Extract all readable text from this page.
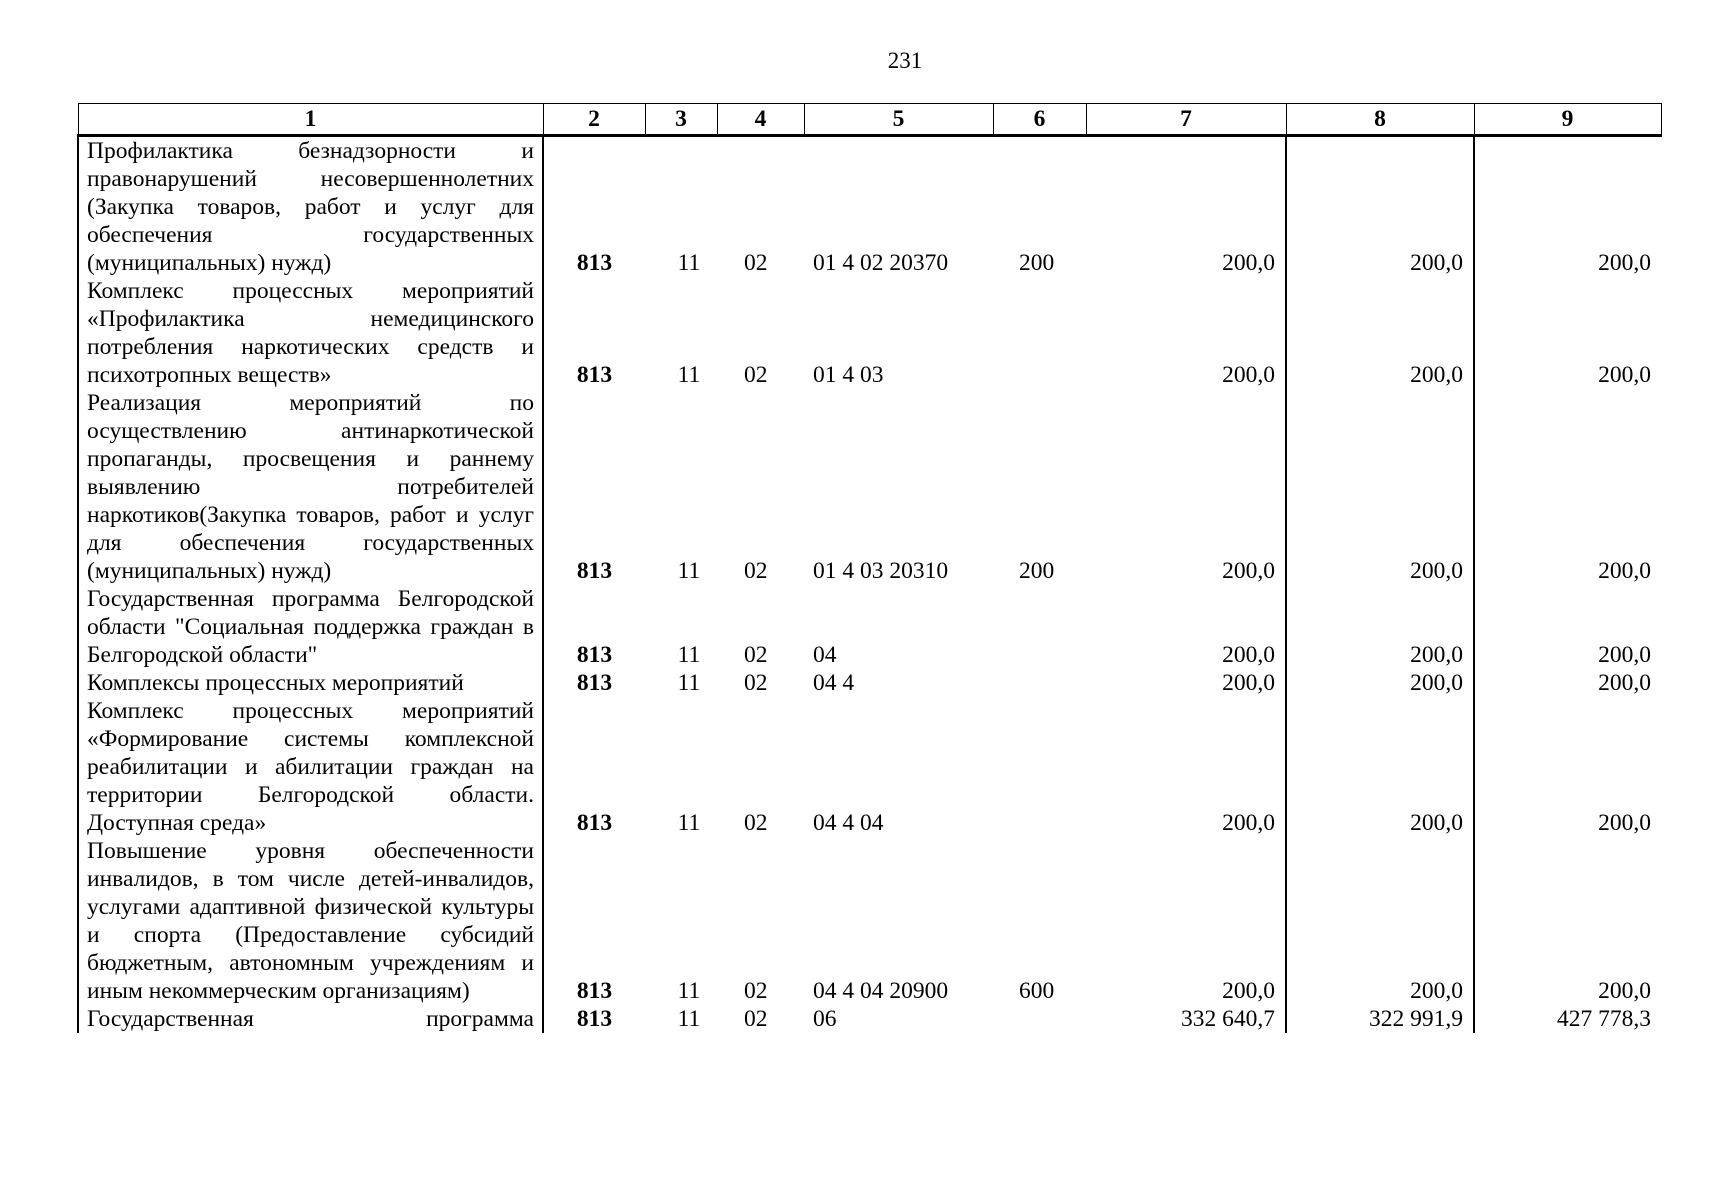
231
1	2	3	4	5	6	7	8	9
Профилактика безнадзорности и правонарушений несовершеннолетних (Закупка товаров, работ и услуг для обеспечения государственных (муниципальных) нужд)	813	11	02	01 4 02 20370	200	200,0	200,0	200,0
Комплекс процессных мероприятий «Профилактика немедицинского потребления наркотических средств и психотропных веществ»	813	11	02	01 4 03		200,0	200,0	200,0
Реализация мероприятий по осуществлению антинаркотической пропаганды, просвещения и раннему выявлению потребителей наркотиков(Закупка товаров, работ и услуг для обеспечения государственных (муниципальных) нужд)	813	11	02	01 4 03 20310	200	200,0	200,0	200,0
Государственная программа Белгородской области "Социальная поддержка граждан в Белгородской области"	813	11	02	04		200,0	200,0	200,0
Комплексы процессных мероприятий	813	11	02	04 4		200,0	200,0	200,0
Комплекс процессных мероприятий «Формирование системы комплексной реабилитации и абилитации граждан на территории Белгородской области. Доступная среда»	813	11	02	04 4 04		200,0	200,0	200,0
Повышение уровня обеспеченности инвалидов, в том числе детей-инвалидов, услугами адаптивной физической культуры и спорта (Предоставление субсидий бюджетным, автономным учреждениям и иным некоммерческим организациям)	813	11	02	04 4 04 20900	600	200,0	200,0	200,0
Государственная программа	813	11	02	06		332 640,7	322 991,9	427 778,3
